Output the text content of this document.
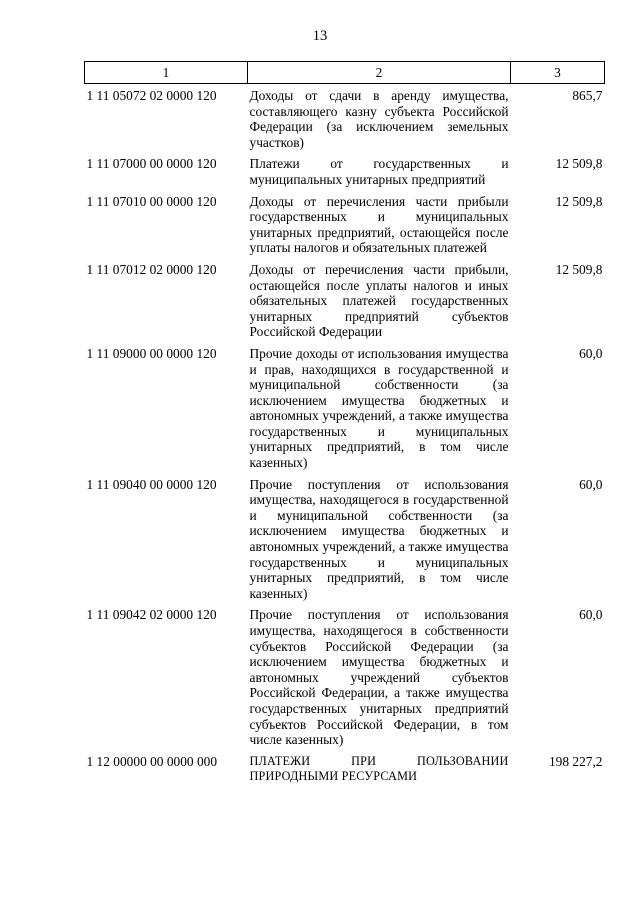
13
1	2	3
1 11 05072 02 0000 120	Доходы от сдачи в аренду имущества, составляющего казну субъекта Российской Федерации (за исключением земельных участков)	865,7
1 11 07000 00 0000 120	Платежи от государственных и муниципальных унитарных предприятий	12 509,8
1 11 07010 00 0000 120	Доходы от перечисления части прибыли государственных и муниципальных унитарных предприятий, остающейся после уплаты налогов и обязательных платежей	12 509,8
1 11 07012 02 0000 120	Доходы от перечисления части прибыли, остающейся после уплаты налогов и иных обязательных платежей государственных унитарных предприятий субъектов Российской Федерации	12 509,8
1 11 09000 00 0000 120	Прочие доходы от использования имущества и прав, находящихся в государственной и муниципальной собственности (за исключением имущества бюджетных и автономных учреждений, а также имущества государственных и муниципальных унитарных предприятий, в том числе казенных)	60,0
1 11 09040 00 0000 120	Прочие поступления от использования имущества, находящегося в государственной и муниципальной собственности (за исключением имущества бюджетных и автономных учреждений, а также имущества государственных и муниципальных унитарных предприятий, в том числе казенных)	60,0
1 11 09042 02 0000 120	Прочие поступления от использования имущества, находящегося в собственности субъектов Российской Федерации (за исключением имущества бюджетных и автономных учреждений субъектов Российской Федерации, а также имущества государственных унитарных предприятий субъектов Российской Федерации, в том числе казенных)	60,0
1 12 00000 00 0000 000	ПЛАТЕЖИ ПРИ ПОЛЬЗОВАНИИ ПРИРОДНЫМИ РЕСУРСАМИ	198 227,2
